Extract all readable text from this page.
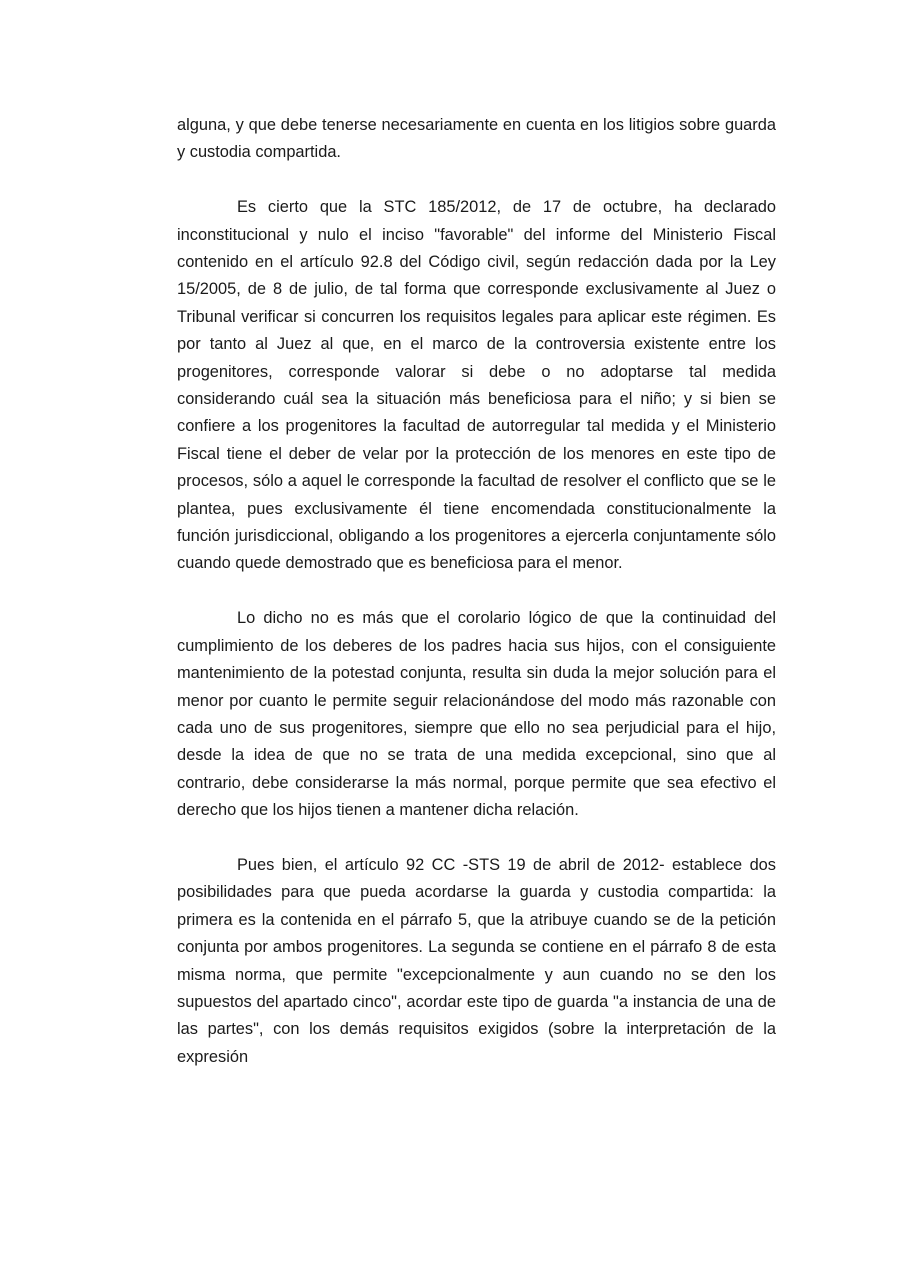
alguna, y que debe tenerse necesariamente en cuenta en los litigios sobre guarda y custodia compartida.

Es cierto que la STC 185/2012, de 17 de octubre, ha declarado inconstitucional y nulo el inciso "favorable" del informe del Ministerio Fiscal contenido en el artículo 92.8 del Código civil, según redacción dada por la Ley 15/2005, de 8 de julio, de tal forma que corresponde exclusivamente al Juez o Tribunal verificar si concurren los requisitos legales para aplicar este régimen. Es por tanto al Juez al que, en el marco de la controversia existente entre los progenitores, corresponde valorar si debe o no adoptarse tal medida considerando cuál sea la situación más beneficiosa para el niño; y si bien se confiere a los progenitores la facultad de autorregular tal medida y el Ministerio Fiscal tiene el deber de velar por la protección de los menores en este tipo de procesos, sólo a aquel le corresponde la facultad de resolver el conflicto que se le plantea, pues exclusivamente él tiene encomendada constitucionalmente la función jurisdiccional, obligando a los progenitores a ejercerla conjuntamente sólo cuando quede demostrado que es beneficiosa para el menor.

Lo dicho no es más que el corolario lógico de que la continuidad del cumplimiento de los deberes de los padres hacia sus hijos, con el consiguiente mantenimiento de la potestad conjunta, resulta sin duda la mejor solución para el menor por cuanto le permite seguir relacionándose del modo más razonable con cada uno de sus progenitores, siempre que ello no sea perjudicial para el hijo, desde la idea de que no se trata de una medida excepcional, sino que al contrario, debe considerarse la más normal, porque permite que sea efectivo el derecho que los hijos tienen a mantener dicha relación.

Pues bien, el artículo 92 CC -STS 19 de abril de 2012- establece dos posibilidades para que pueda acordarse la guarda y custodia compartida: la primera es la contenida en el párrafo 5, que la atribuye cuando se de la petición conjunta por ambos progenitores. La segunda se contiene en el párrafo 8 de esta misma norma, que permite "excepcionalmente y aun cuando no se den los supuestos del apartado cinco", acordar este tipo de guarda "a instancia de una de las partes", con los demás requisitos exigidos (sobre la interpretación de la expresión
